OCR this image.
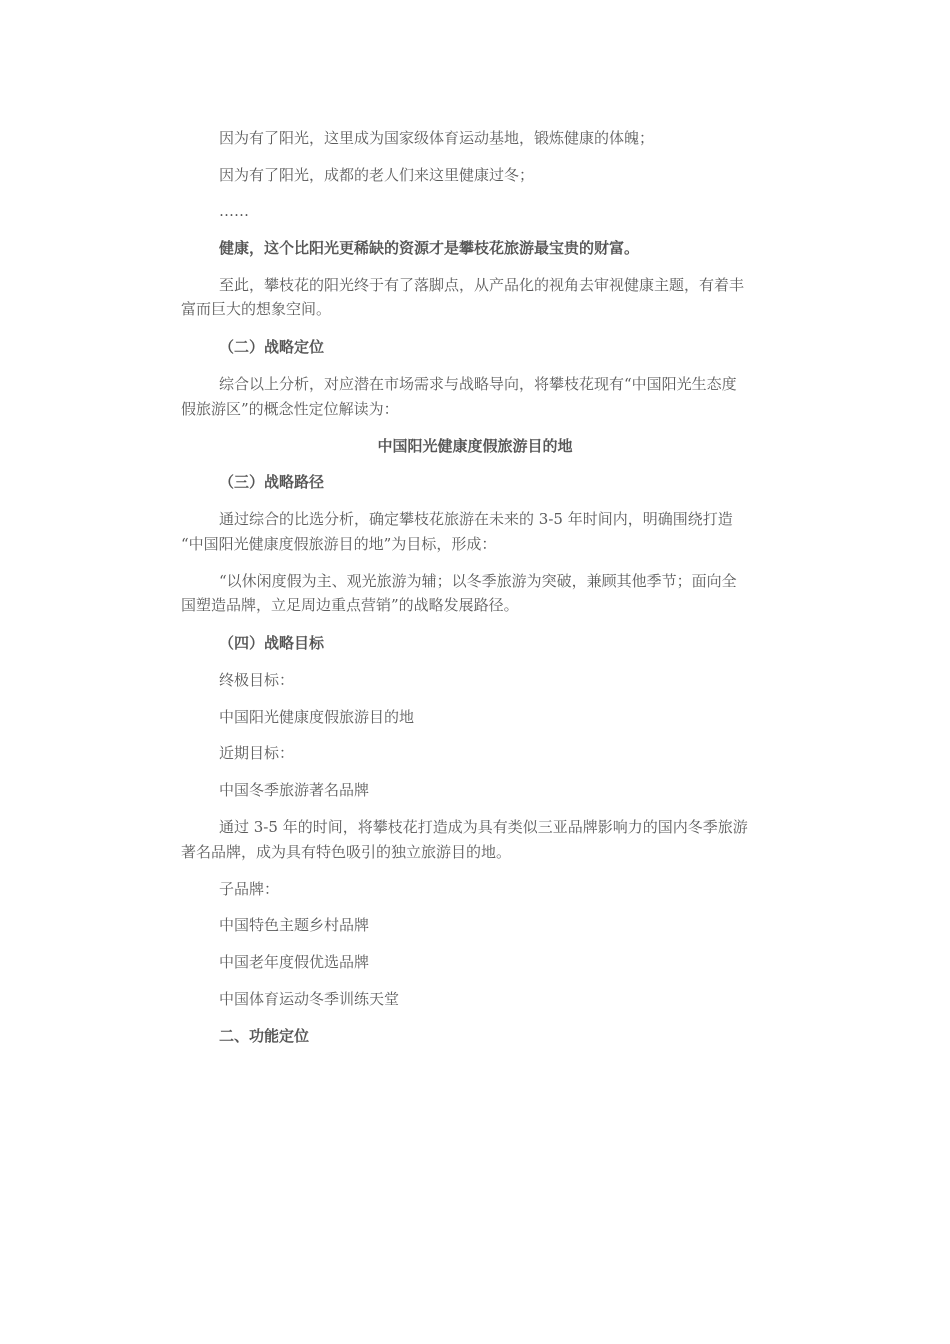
因为有了阳光，这里成为国家级体育运动基地，锻炼健康的体魄；
因为有了阳光，成都的老人们来这里健康过冬；
……
健康，这个比阳光更稀缺的资源才是攀枝花旅游最宝贵的财富。
至此，攀枝花的阳光终于有了落脚点，从产品化的视角去审视健康主题，有着丰
富而巨大的想象空间。
（二）战略定位
综合以上分析，对应潜在市场需求与战略导向，将攀枝花现有“中国阳光生态度
假旅游区”的概念性定位解读为：
中国阳光健康度假旅游目的地
（三）战略路径
通过综合的比选分析，确定攀枝花旅游在未来的 3-5 年时间内，明确围绕打造
“中国阳光健康度假旅游目的地”为目标，形成：
“以休闲度假为主、观光旅游为辅；以冬季旅游为突破，兼顾其他季节；面向全
国塑造品牌，立足周边重点营销”的战略发展路径。
（四）战略目标
终极目标：
中国阳光健康度假旅游目的地
近期目标：
中国冬季旅游著名品牌
通过 3-5 年的时间，将攀枝花打造成为具有类似三亚品牌影响力的国内冬季旅游
著名品牌，成为具有特色吸引的独立旅游目的地。
子品牌：
中国特色主题乡村品牌
中国老年度假优选品牌
中国体育运动冬季训练天堂
二、功能定位
